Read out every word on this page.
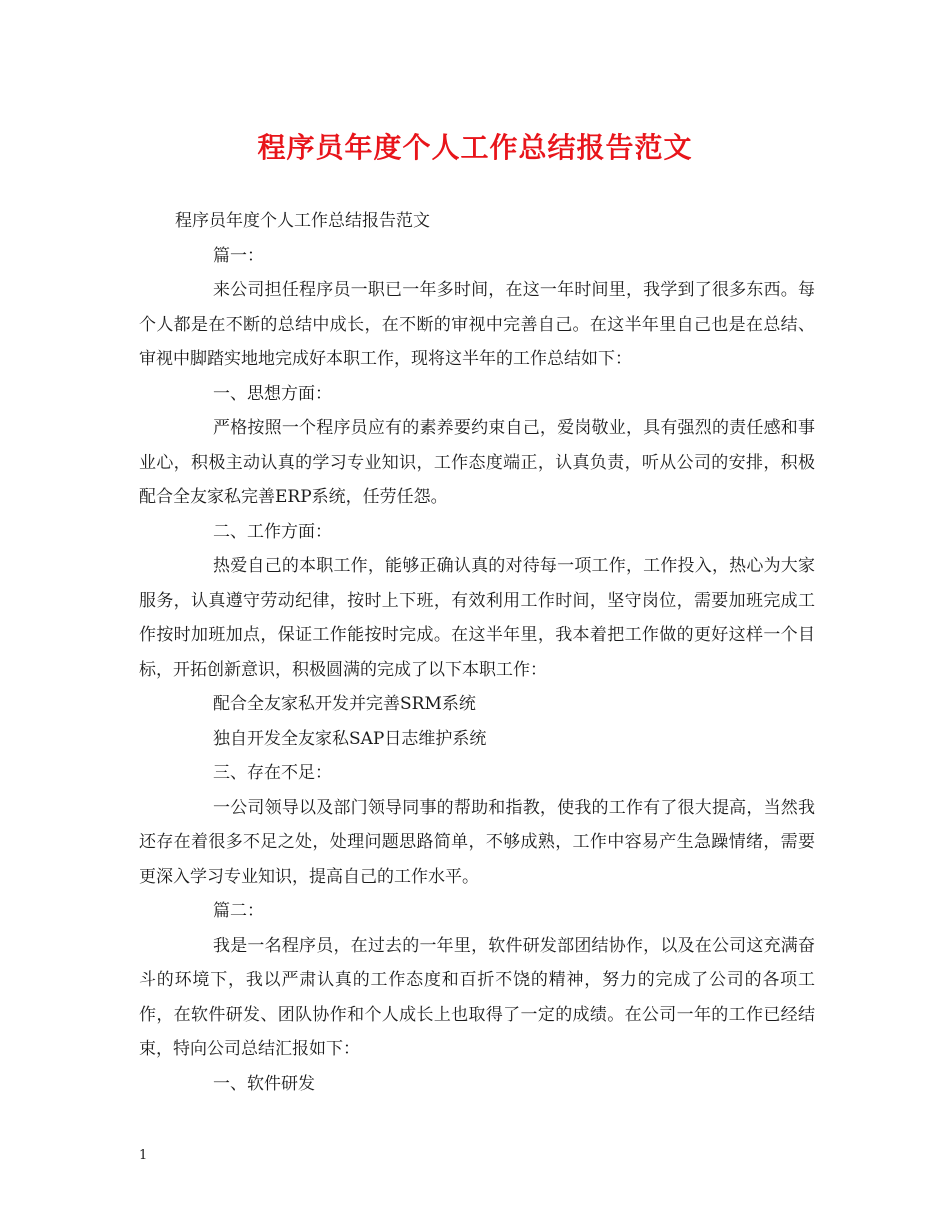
程序员年度个人工作总结报告范文

程序员年度个人工作总结报告范文

篇一：

来公司担任程序员一职已一年多时间，在这一年时间里，我学到了很多东西。每个人都是在不断的总结中成长，在不断的审视中完善自己。在这半年里自己也是在总结、审视中脚踏实地地完成好本职工作，现将这半年的工作总结如下：

一、思想方面：

严格按照一个程序员应有的素养要约束自己，爱岗敬业，具有强烈的责任感和事业心，积极主动认真的学习专业知识，工作态度端正，认真负责，听从公司的安排，积极配合全友家私完善ERP系统，任劳任怨。

二、工作方面：

热爱自己的本职工作，能够正确认真的对待每一项工作，工作投入，热心为大家服务，认真遵守劳动纪律，按时上下班，有效利用工作时间，坚守岗位，需要加班完成工作按时加班加点，保证工作能按时完成。在这半年里，我本着把工作做的更好这样一个目标，开拓创新意识，积极圆满的完成了以下本职工作：

配合全友家私开发并完善SRM系统

独自开发全友家私SAP日志维护系统

三、存在不足：

一公司领导以及部门领导同事的帮助和指教，使我的工作有了很大提高，当然我还存在着很多不足之处，处理问题思路简单，不够成熟，工作中容易产生急躁情绪，需要更深入学习专业知识，提高自己的工作水平。

篇二：

我是一名程序员，在过去的一年里，软件研发部团结协作，以及在公司这充满奋斗的环境下，我以严肃认真的工作态度和百折不饶的精神，努力的完成了公司的各项工作，在软件研发、团队协作和个人成长上也取得了一定的成绩。在公司一年的工作已经结束，特向公司总结汇报如下：

一、软件研发

1
